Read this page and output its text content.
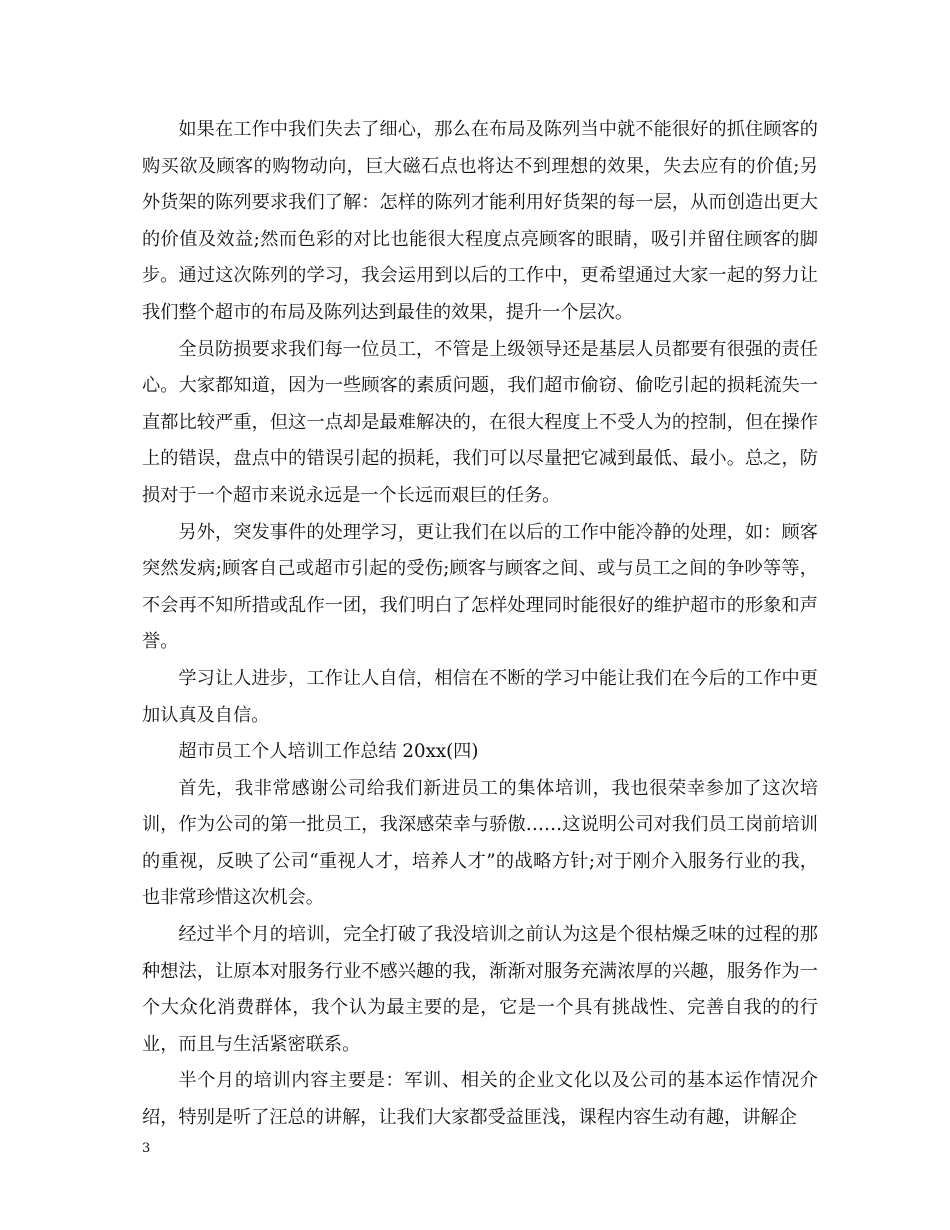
如果在工作中我们失去了细心，那么在布局及陈列当中就不能很好的抓住顾客的购买欲及顾客的购物动向，巨大磁石点也将达不到理想的效果，失去应有的价值;另外货架的陈列要求我们了解：怎样的陈列才能利用好货架的每一层，从而创造出更大的价值及效益;然而色彩的对比也能很大程度点亮顾客的眼睛，吸引并留住顾客的脚步。通过这次陈列的学习，我会运用到以后的工作中，更希望通过大家一起的努力让我们整个超市的布局及陈列达到最佳的效果，提升一个层次。

全员防损要求我们每一位员工，不管是上级领导还是基层人员都要有很强的责任心。大家都知道，因为一些顾客的素质问题，我们超市偷窃、偷吃引起的损耗流失一直都比较严重，但这一点却是最难解决的，在很大程度上不受人为的控制，但在操作上的错误，盘点中的错误引起的损耗，我们可以尽量把它减到最低、最小。总之，防损对于一个超市来说永远是一个长远而艰巨的任务。

另外，突发事件的处理学习，更让我们在以后的工作中能冷静的处理，如：顾客突然发病;顾客自己或超市引起的受伤;顾客与顾客之间、或与员工之间的争吵等等，不会再不知所措或乱作一团，我们明白了怎样处理同时能很好的维护超市的形象和声誉。

学习让人进步，工作让人自信，相信在不断的学习中能让我们在今后的工作中更加认真及自信。

超市员工个人培训工作总结 20xx(四)

首先，我非常感谢公司给我们新进员工的集体培训，我也很荣幸参加了这次培训，作为公司的第一批员工，我深感荣幸与骄傲……这说明公司对我们员工岗前培训的重视，反映了公司“重视人才，培养人才”的战略方针;对于刚介入服务行业的我，也非常珍惜这次机会。

经过半个月的培训，完全打破了我没培训之前认为这是个很枯燥乏味的过程的那种想法，让原本对服务行业不感兴趣的我，渐渐对服务充满浓厚的兴趣，服务作为一个大众化消费群体，我个认为最主要的是，它是一个具有挑战性、完善自我的的行业，而且与生活紧密联系。

半个月的培训内容主要是：军训、相关的企业文化以及公司的基本运作情况介绍，特别是听了汪总的讲解，让我们大家都受益匪浅，课程内容生动有趣，讲解企

3
